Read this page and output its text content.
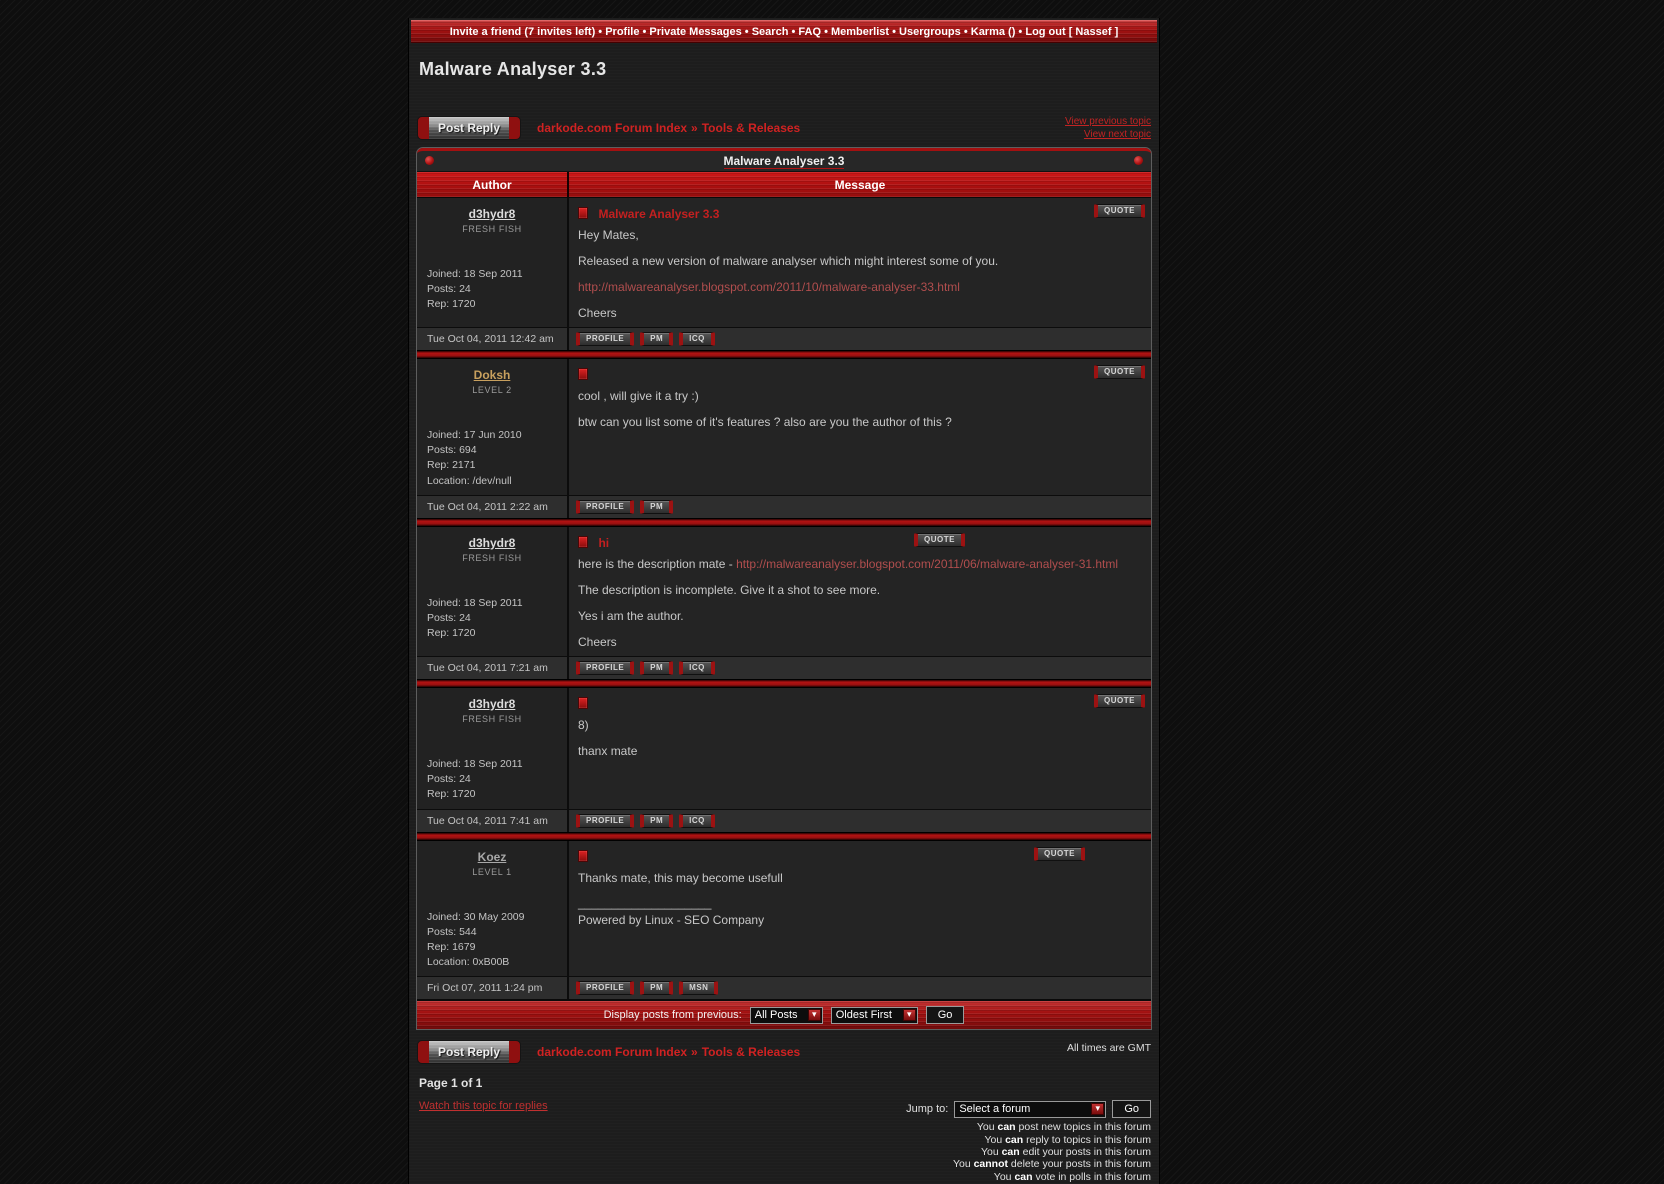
Invite a friend (7 invites left) • Profile • Private Messages • Search • FAQ • Memberlist • Usergroups • Karma () • Log out [ Nassef ]
Malware Analyser 3.3
Post Reply	darkode.com Forum Index » Tools & Releases	View previous topic
View next topic
Malware Analyser 3.3
Author	Message
d3hydr8
FRESH FISH
Joined: 18 Sep 2011
Posts: 24
Rep: 1720
QUOTE
Malware Analyser 3.3

Hey Mates,

Released a new version of malware analyser which might interest some of you.

http://malwareanalyser.blogspot.com/2011/10/malware-analyser-33.html

Cheers

Tue Oct 04, 2011 12:42 am	PROFILE	PM	ICQ
Doksh
LEVEL 2
Joined: 17 Jun 2010
Posts: 694
Rep: 2171
Location: /dev/null
QUOTE

cool , will give it a try :)

btw can you list some of it's features ? also are you the author of this ?

Tue Oct 04, 2011 2:22 am	PROFILE	PM
d3hydr8
FRESH FISH
Joined: 18 Sep 2011
Posts: 24
Rep: 1720
QUOTE
hi

here is the description mate - http://malwareanalyser.blogspot.com/2011/06/malware-analyser-31.html

The description is incomplete. Give it a shot to see more.

Yes i am the author.

Cheers

Tue Oct 04, 2011 7:21 am	PROFILE	PM	ICQ
d3hydr8
FRESH FISH
Joined: 18 Sep 2011
Posts: 24
Rep: 1720
QUOTE

8)

thanx mate

Tue Oct 04, 2011 7:41 am	PROFILE	PM	ICQ
Koez
LEVEL 1
Joined: 30 May 2009
Posts: 544
Rep: 1679
Location: 0xB00B
QUOTE

Thanks mate, this may become usefull

____________________
Powered by Linux - SEO Company
Fri Oct 07, 2011 1:24 pm	PROFILE	PM	MSN
Display posts from previous:
All Posts ▾
Oldest First ▾	Go
Post Reply	darkode.com Forum Index » Tools & Releases	All times are GMT
Page 1 of 1
Watch this topic for replies	Jump to:
Select a forum ▾	Go
You can post new topics in this forum
You can reply to topics in this forum
You can edit your posts in this forum
You cannot delete your posts in this forum
You can vote in polls in this forum
